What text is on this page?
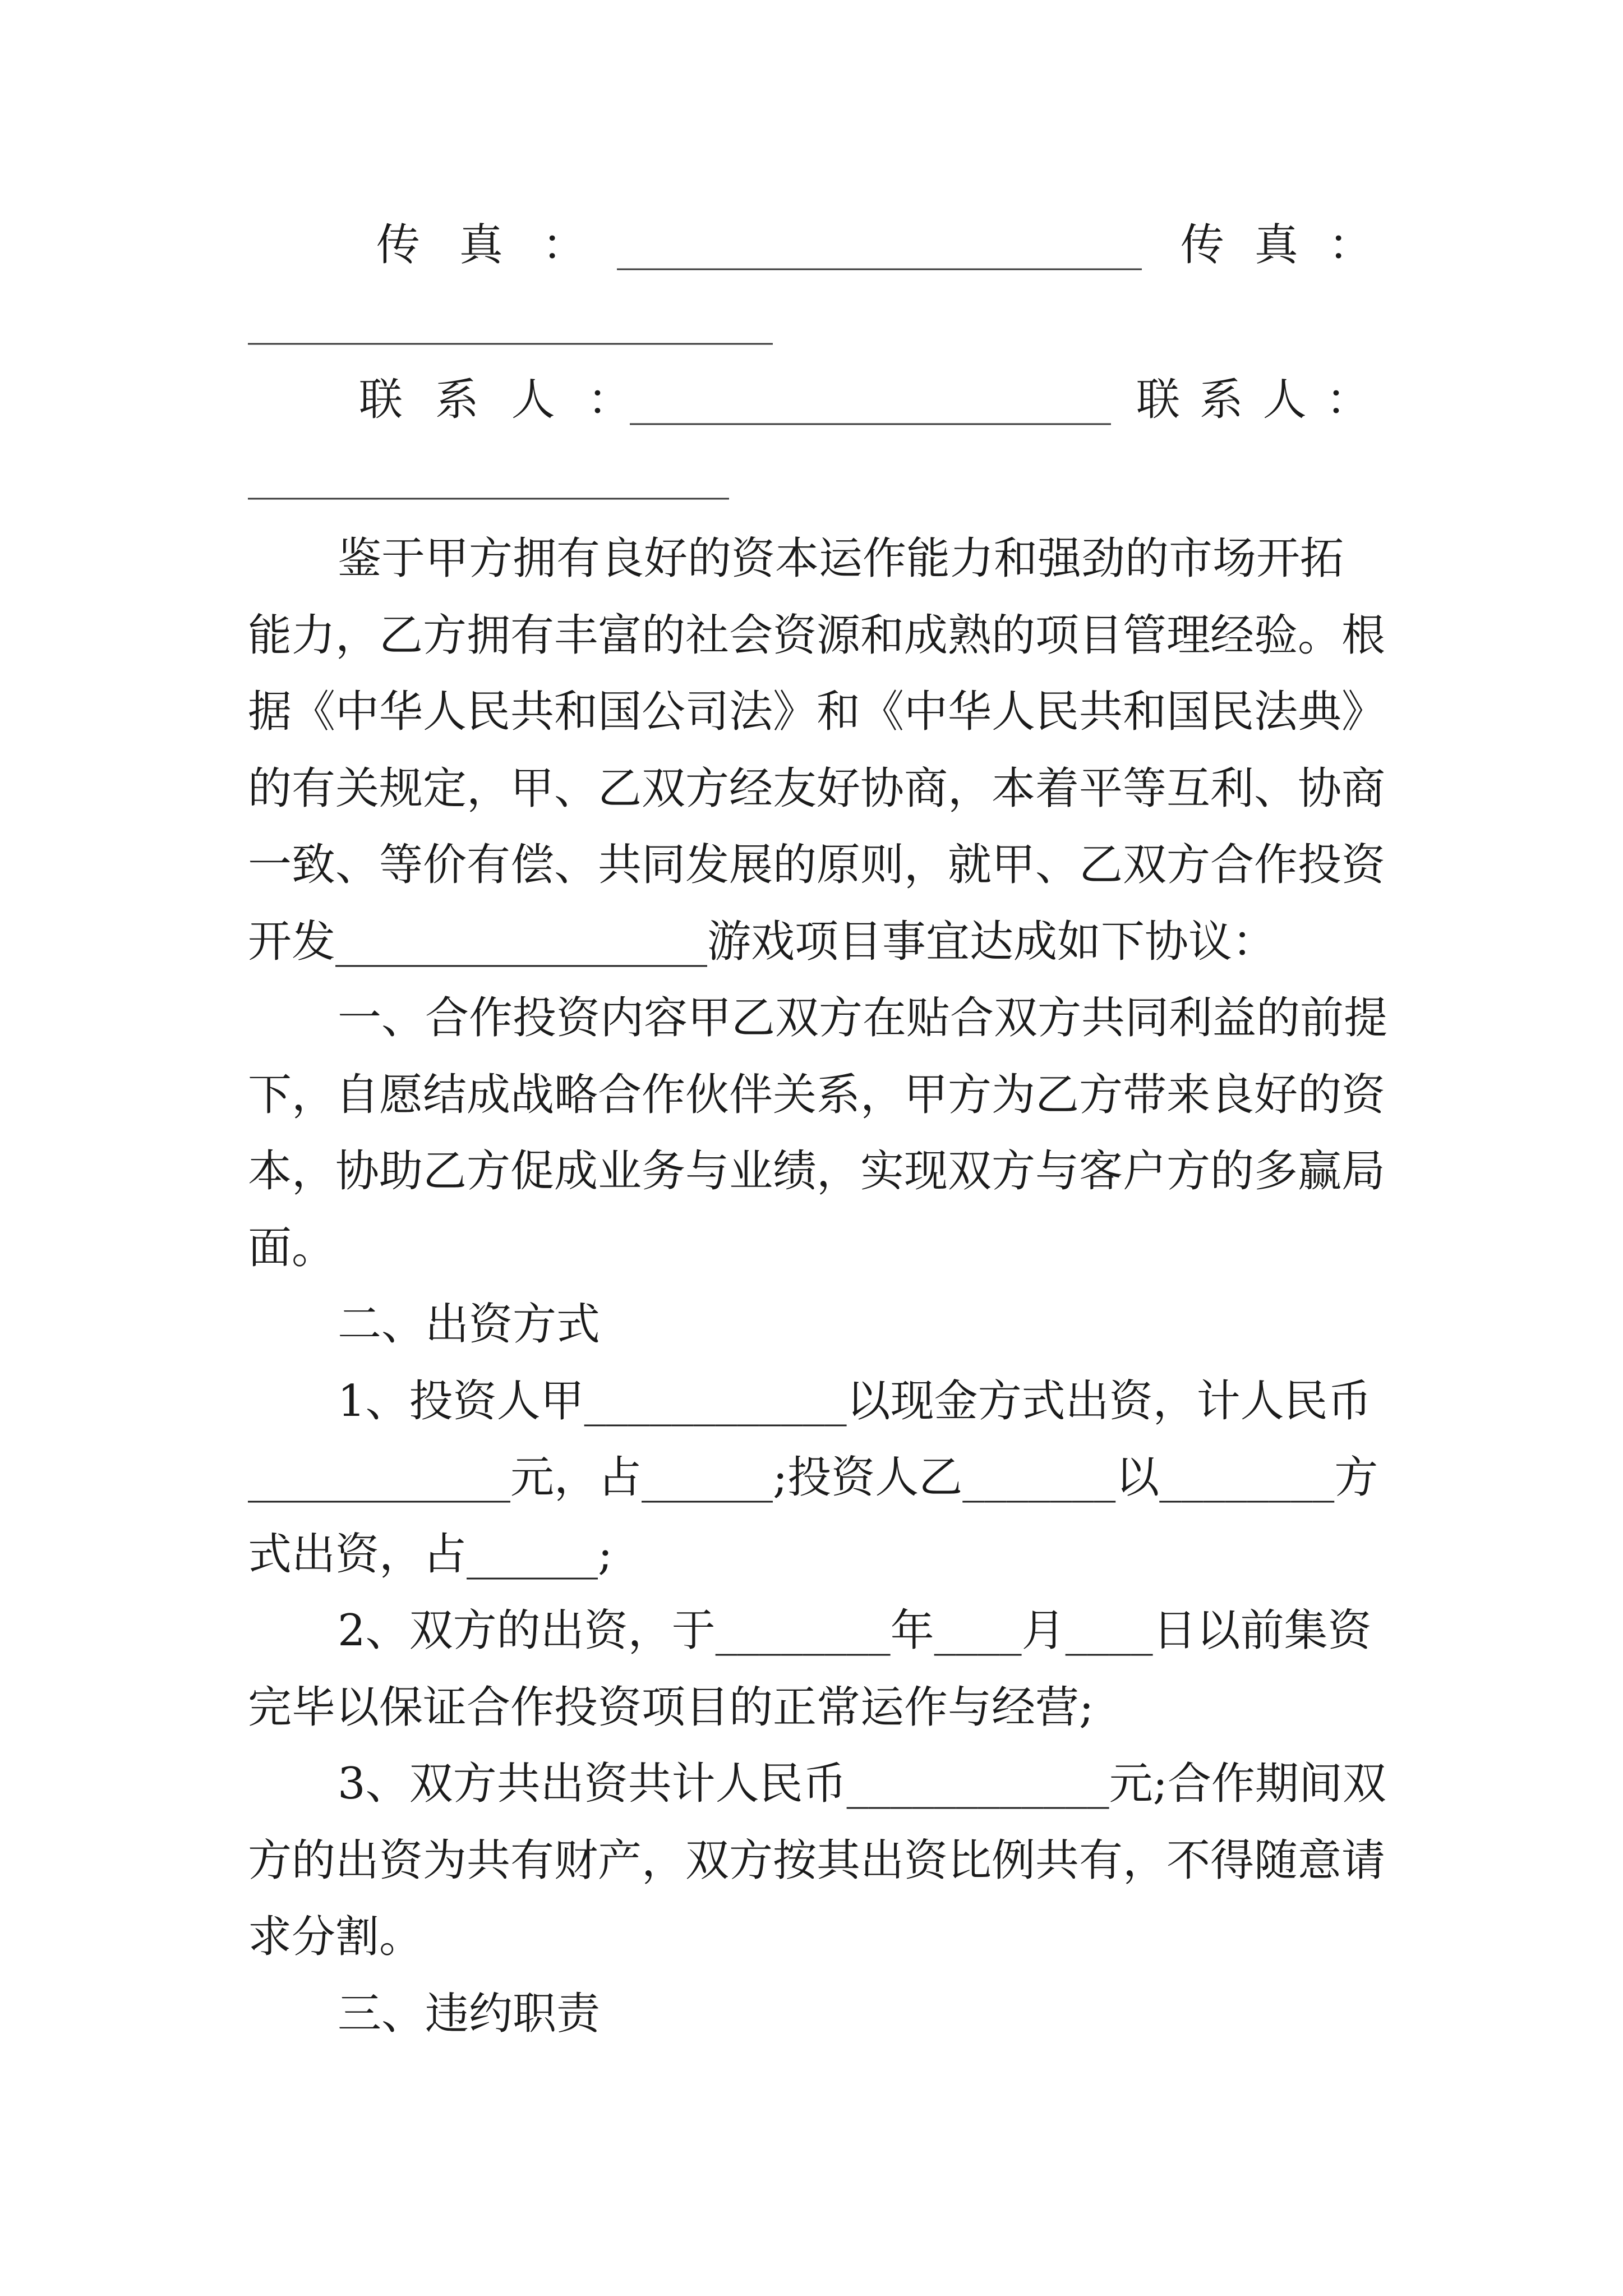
传 真 ： ________________________ 传 真 ：
________________________
联 系 人 ：
______________________ 联 系 人 ：
______________________
鉴于甲方拥有良好的资本运作能力和强劲的市场开拓
能力，乙方拥有丰富的社会资源和成熟的项目管理经验。根
据《中华人民共和国公司法》和《中华人民共和国民法典》
的有关规定，甲、乙双方经友好协商，本着平等互利、协商
一致、等价有偿、共同发展的原则，就甲、乙双方合作投资
开发_________________游戏项目事宜达成如下协议：
一、合作投资内容甲乙双方在贴合双方共同利益的前提
下，自愿结成战略合作伙伴关系，甲方为乙方带来良好的资
本，协助乙方促成业务与业绩，实现双方与客户方的多赢局
面。
二、出资方式
1、投资人甲____________以现金方式出资，计人民币
____________元，占______;投资人乙_______以________方
式出资，占______;
2、双方的出资，于________年____月____日以前集资
完毕以保证合作投资项目的正常运作与经营;
3、双方共出资共计人民币____________元;合作期间双
方的出资为共有财产，双方按其出资比例共有，不得随意请
求分割。
三、违约职责
